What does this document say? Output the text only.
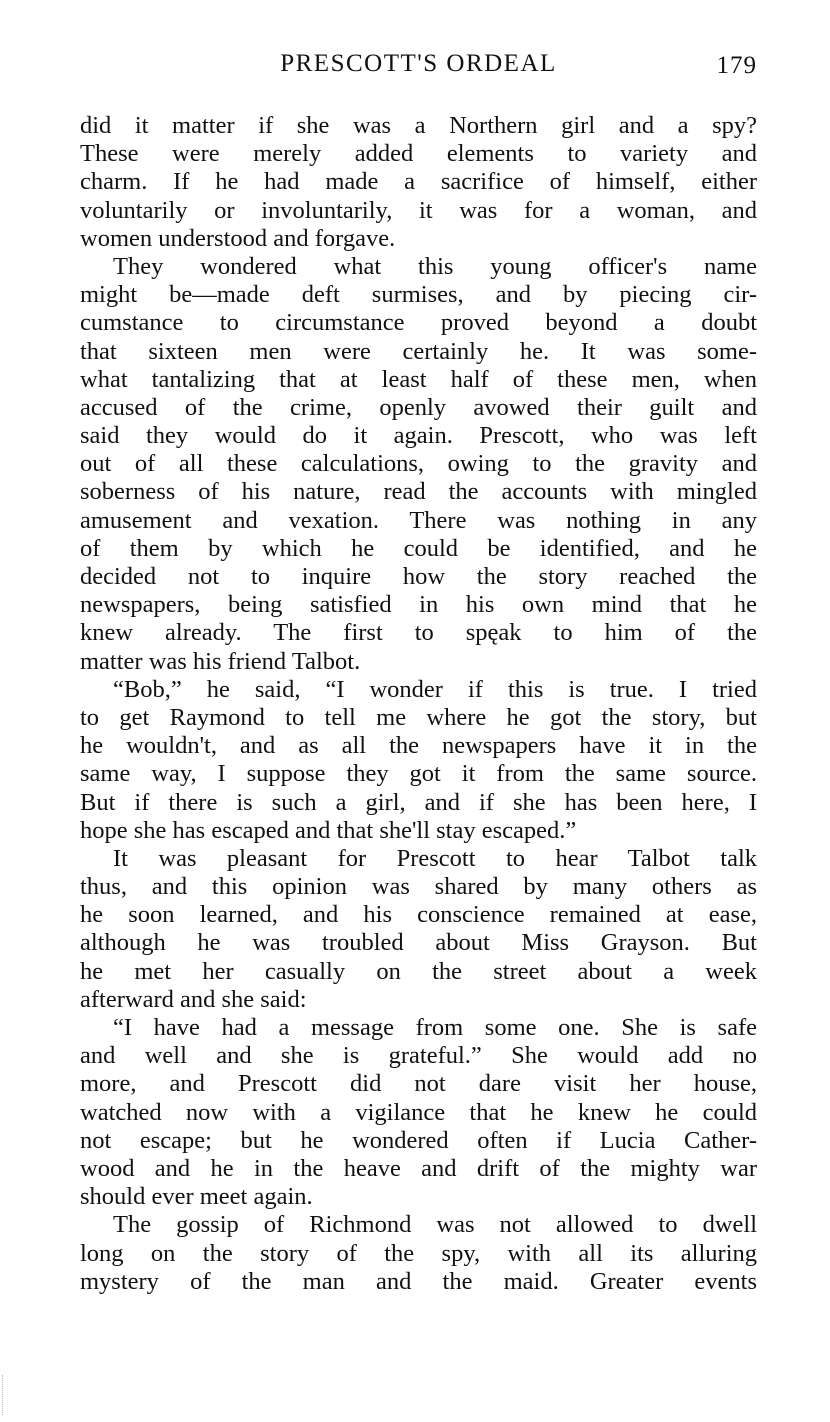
PRESCOTT'S ORDEAL	179
did it matter if she was a Northern girl and a spy?
These were merely added elements to variety and
charm. If he had made a sacrifice of himself, either
voluntarily or involuntarily, it was for a woman, and
women understood and forgave.
They wondered what this young officer's name
might be—made deft surmises, and by piecing cir-
cumstance to circumstance proved beyond a doubt
that sixteen men were certainly he. It was some-
what tantalizing that at least half of these men, when
accused of the crime, openly avowed their guilt and
said they would do it again. Prescott, who was left
out of all these calculations, owing to the gravity and
soberness of his nature, read the accounts with mingled
amusement and vexation. There was nothing in any
of them by which he could be identified, and he
decided not to inquire how the story reached the
newspapers, being satisfied in his own mind that he
knew already. The first to spęak to him of the
matter was his friend Talbot.
“Bob,” he said, “I wonder if this is true. I tried
to get Raymond to tell me where he got the story, but
he wouldn't, and as all the newspapers have it in the
same way, I suppose they got it from the same source.
But if there is such a girl, and if she has been here, I
hope she has escaped and that she'll stay escaped.”
It was pleasant for Prescott to hear Talbot talk
thus, and this opinion was shared by many others as
he soon learned, and his conscience remained at ease,
although he was troubled about Miss Grayson. But
he met her casually on the street about a week
afterward and she said:
“I have had a message from some one. She is safe
and well and she is grateful.” She would add no
more, and Prescott did not dare visit her house,
watched now with a vigilance that he knew he could
not escape; but he wondered often if Lucia Cather-
wood and he in the heave and drift of the mighty war
should ever meet again.
The gossip of Richmond was not allowed to dwell
long on the story of the spy, with all its alluring
mystery of the man and the maid. Greater events
